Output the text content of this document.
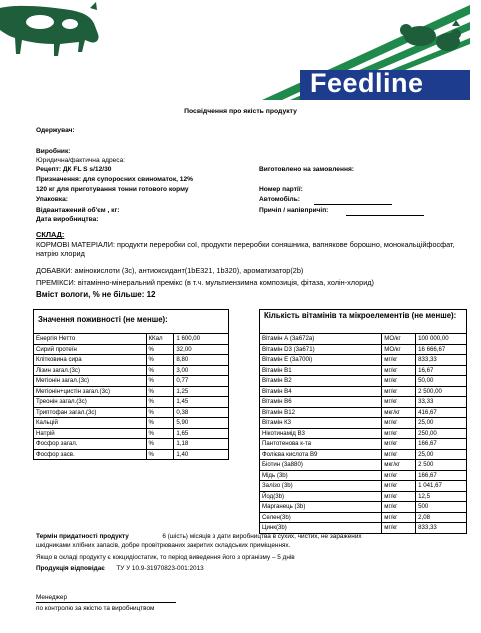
Feedline
Посвідчення про якість продукту
Одержувач:
Виробник:
Юридична/фактична адреса:
Рецепт: ДК FL S s/12/30
Призначення: для супоросних свиноматок, 12%
120 кг для приготування тонни готового корму
Упаковка:
Відвантажений об'єм , кг:
Дата виробництва:
Виготовлено на замовлення:
Номер партії:
Автомобіль:
Причіп / напівпричіп:
СКЛАД:
КОРМОВІ МАТЕРІАЛИ: продукти переробки сої, продукти переробки соняшника, вапнякове борошно, монокальційфосфат, натрію хлорид
ДОБАВКИ: амінокислоти (3c), антиоксидант(1bE321, 1b320), ароматизатор(2b)
ПРЕМІКСИ: вітамінно-мінеральний премікс (в т.ч. мультиензимна композиція, фітаза, холін-хлорид)
Вміст вологи, % не більше: 12
Значення поживності (не менше):
Енергія Нетто	ККал	1 600,00
Сирий протеїн	%	32,00
Клітковина сира	%	8,80
Лізин загал.(3c)	%	3,00
Метіонін загал.(3c)	%	0,77
Метіонін+цистін загал.(3c)	%	1,25
Треонін загал.(3c)	%	1,45
Триптофан загал.(3c)	%	0,38
Кальцій	%	5,90
Натрій	%	1,65
Фосфор загал.	%	1,18
Фосфор засв.	%	1,40
Кількість вітамінів та мікроелементів (не менше):
Вітамін А (3a672a)	МО/кг	100 000,00
Вітамін D3 (3a671)	МО/кг	16 666,67
Вітамін Е (3a700i)	мг/кг	833,33
Вітамін В1	мг/кг	16,67
Вітамін В2	мг/кг	50,00
Вітамін В4	мг/кг	2 500,00
Вітамін В6	мг/кг	33,33
Вітамін В12	мкг/кг	416,67
Вітамін К3	мг/кг	25,00
Нікотинамід В3	мг/кг	250,00
Пантотенова к-та	мг/кг	166,67
Фолієва кислота В9	мг/кг	25,00
Біотин (3a880)	мкг/кг	2 500
Мідь (3b)	мг/кг	166,67
Залізо (3b)	мг/кг	1 041,67
Йод(3b)	мг/кг	12,5
Марганець (3b)	мг/кг	500
Селен(3b)	мг/кг	2,08
Цинк(3b)	мг/кг	833,33
Термін придатності продукту	6 (шість) місяців з дати виробництва в сухих, чистих, не заражених
шкідниками хлібних запасів, добре провітрюваних закритих складських приміщеннях.
Якщо в складі продукту є кокцидіостатик, то період виведення його з організму – 5 днів
Продукція відповідає ТУ У 10.9-31970823-001:2013
Менеджер
по контролю за якістю та виробництвом
